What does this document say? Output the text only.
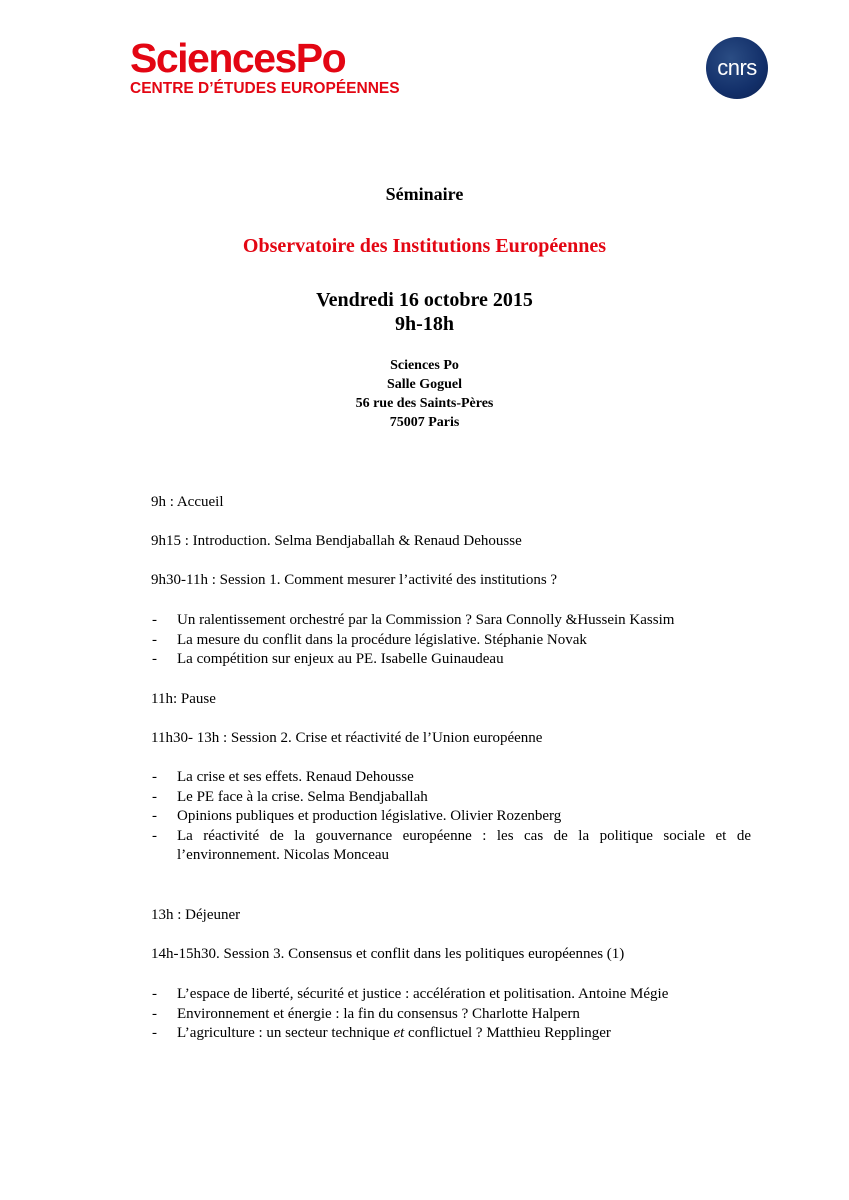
SciencesPo
CENTRE D’ÉTUDES EUROPÉENNES
cnrs
Séminaire
Observatoire des Institutions Européennes
Vendredi 16 octobre 2015
9h-18h
Sciences Po
Salle Goguel
56 rue des Saints-Pères
75007 Paris
9h : Accueil
9h15 : Introduction. Selma Bendjaballah & Renaud Dehousse
9h30-11h : Session 1. Comment mesurer l’activité des institutions ?
- Un ralentissement orchestré par la Commission ? Sara Connolly &Hussein Kassim
- La mesure du conflit dans la procédure législative. Stéphanie Novak
- La compétition sur enjeux au PE. Isabelle Guinaudeau
11h: Pause
11h30- 13h : Session 2. Crise et réactivité de l’Union européenne
- La crise et ses effets. Renaud Dehousse
- Le PE face à la crise. Selma Bendjaballah
- Opinions publiques et production législative. Olivier Rozenberg
- La réactivité de la gouvernance européenne : les cas de la politique sociale et de l’environnement. Nicolas Monceau
13h : Déjeuner
14h-15h30. Session 3. Consensus et conflit dans les politiques européennes (1)
- L’espace de liberté, sécurité et justice : accélération et politisation. Antoine Mégie
- Environnement et énergie : la fin du consensus ? Charlotte Halpern
- L’agriculture : un secteur technique et conflictuel ? Matthieu Repplinger
